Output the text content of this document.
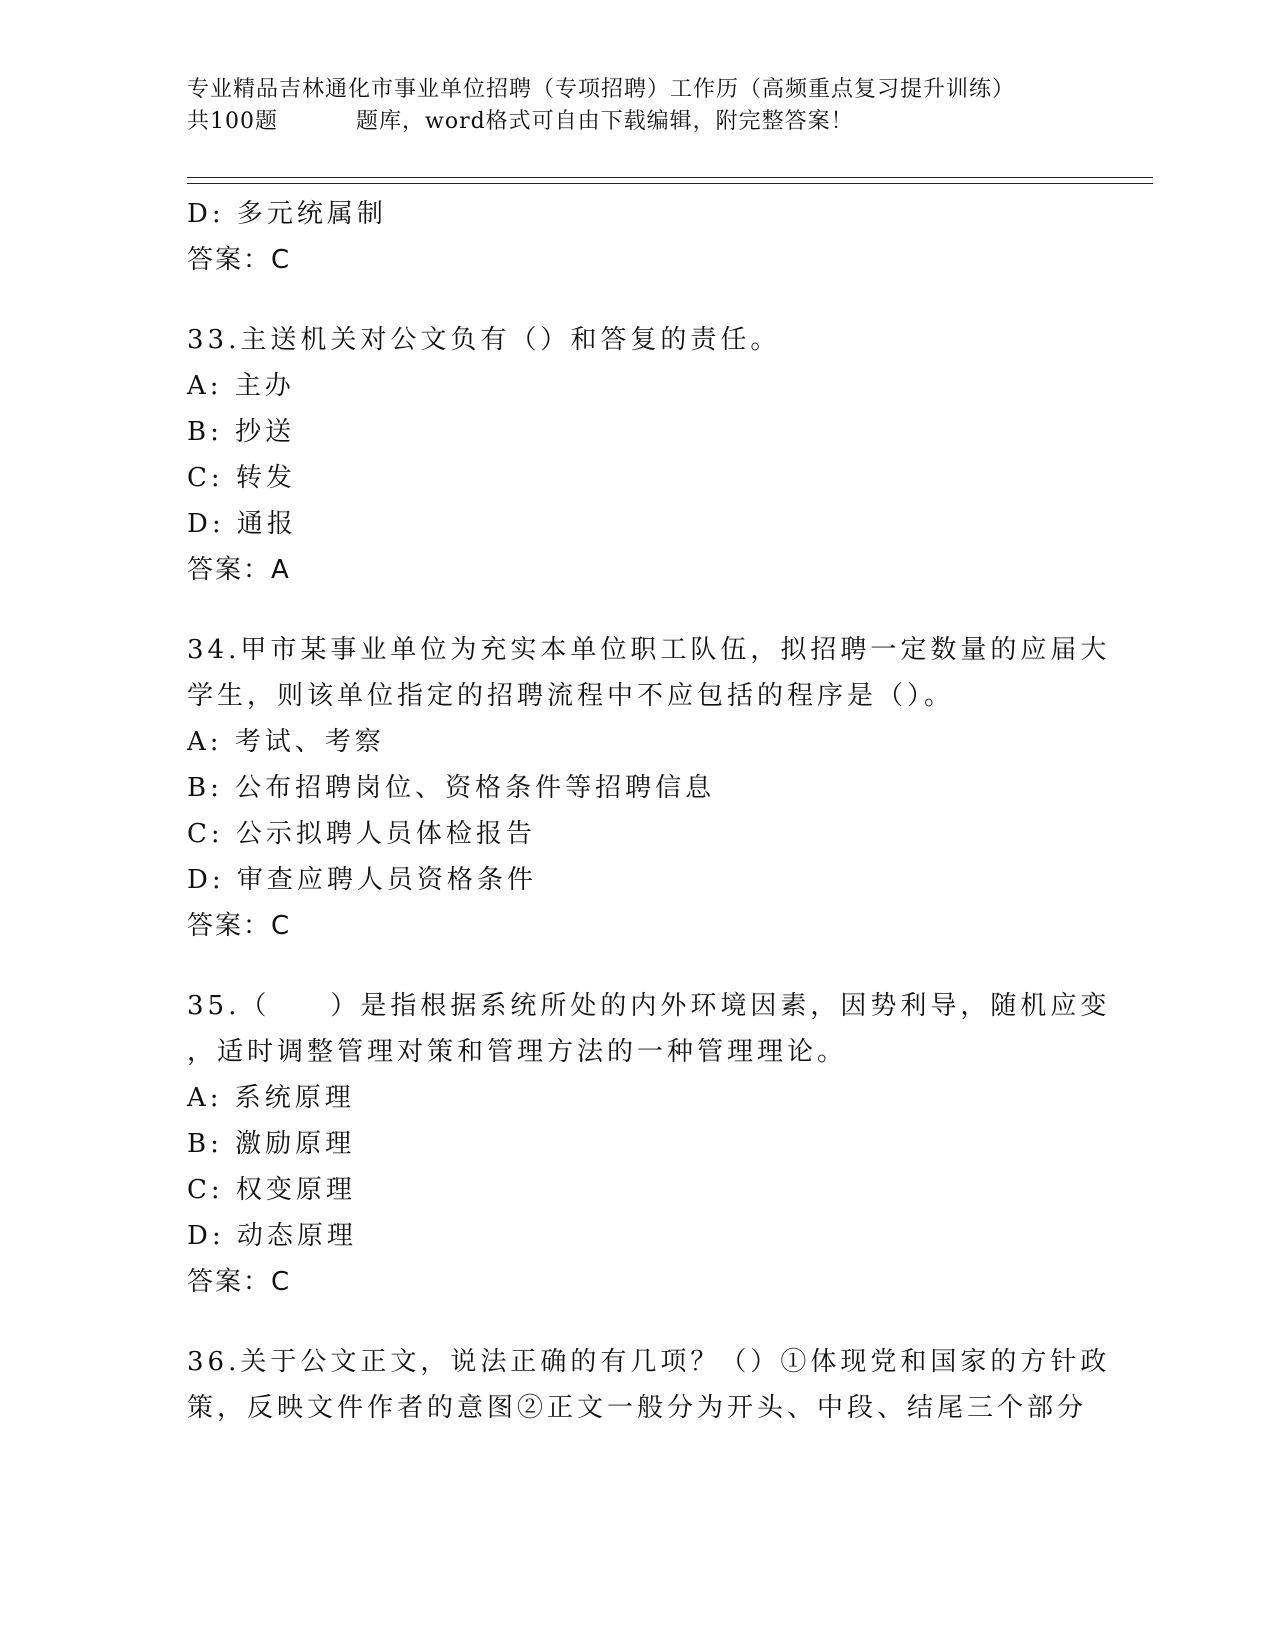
专业精品吉林通化市事业单位招聘（专项招聘）工作历（高频重点复习提升训练）
共100题	题库，word格式可自由下载编辑，附完整答案！
D: 多元统属制
答案：C
33.主送机关对公文负有（）和答复的责任。
A: 主办
B: 抄送
C: 转发
D: 通报
答案：A
34.甲市某事业单位为充实本单位职工队伍，拟招聘一定数量的应届大
学生，则该单位指定的招聘流程中不应包括的程序是（）。
A: 考试、考察
B: 公布招聘岗位、资格条件等招聘信息
C: 公示拟聘人员体检报告
D: 审查应聘人员资格条件
答案：C
35.（　　）是指根据系统所处的内外环境因素，因势利导，随机应变
，适时调整管理对策和管理方法的一种管理理论。
A: 系统原理
B: 激励原理
C: 权变原理
D: 动态原理
答案：C
36.关于公文正文，说法正确的有几项？（）①体现党和国家的方针政
策，反映文件作者的意图②正文一般分为开头、中段、结尾三个部分
